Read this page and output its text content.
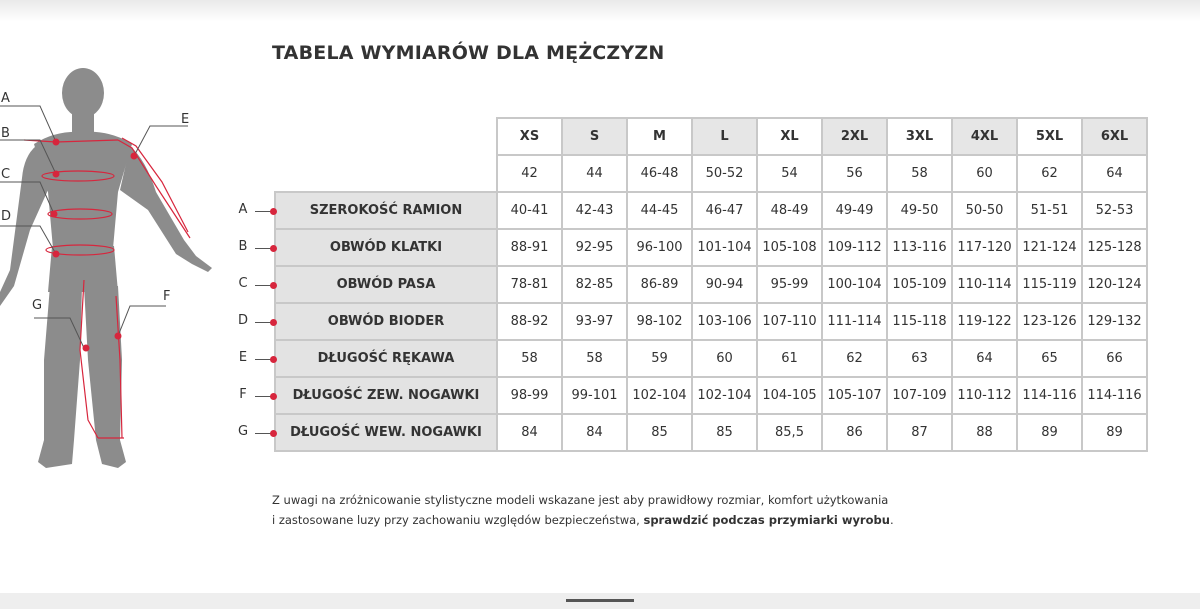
TABELA WYMIARÓW DLA MĘŻCZYZN
A
B
C
D
E
F
G
	XS	S	M	L	XL	2XL	3XL	4XL	5XL	6XL
	42	44	46-48	50-52	54	56	58	60	62	64
SZEROKOŚĆ RAMION	40-41	42-43	44-45	46-47	48-49	49-49	49-50	50-50	51-51	52-53
OBWÓD KLATKI	88-91	92-95	96-100	101-104	105-108	109-112	113-116	117-120	121-124	125-128
OBWÓD PASA	78-81	82-85	86-89	90-94	95-99	100-104	105-109	110-114	115-119	120-124
OBWÓD BIODER	88-92	93-97	98-102	103-106	107-110	111-114	115-118	119-122	123-126	129-132
DŁUGOŚĆ RĘKAWA	58	58	59	60	61	62	63	64	65	66
DŁUGOŚĆ ZEW. NOGAWKI	98-99	99-101	102-104	102-104	104-105	105-107	107-109	110-112	114-116	114-116
DŁUGOŚĆ WEW. NOGAWKI	84	84	85	85	85,5	86	87	88	89	89
A
B
C
D
E
F
G
Z uwagi na zróżnicowanie stylistyczne modeli wskazane jest aby prawidłowy rozmiar, komfort użytkowania
i zastosowane luzy przy zachowaniu względów bezpieczeństwa, sprawdzić podczas przymiarki wyrobu.
